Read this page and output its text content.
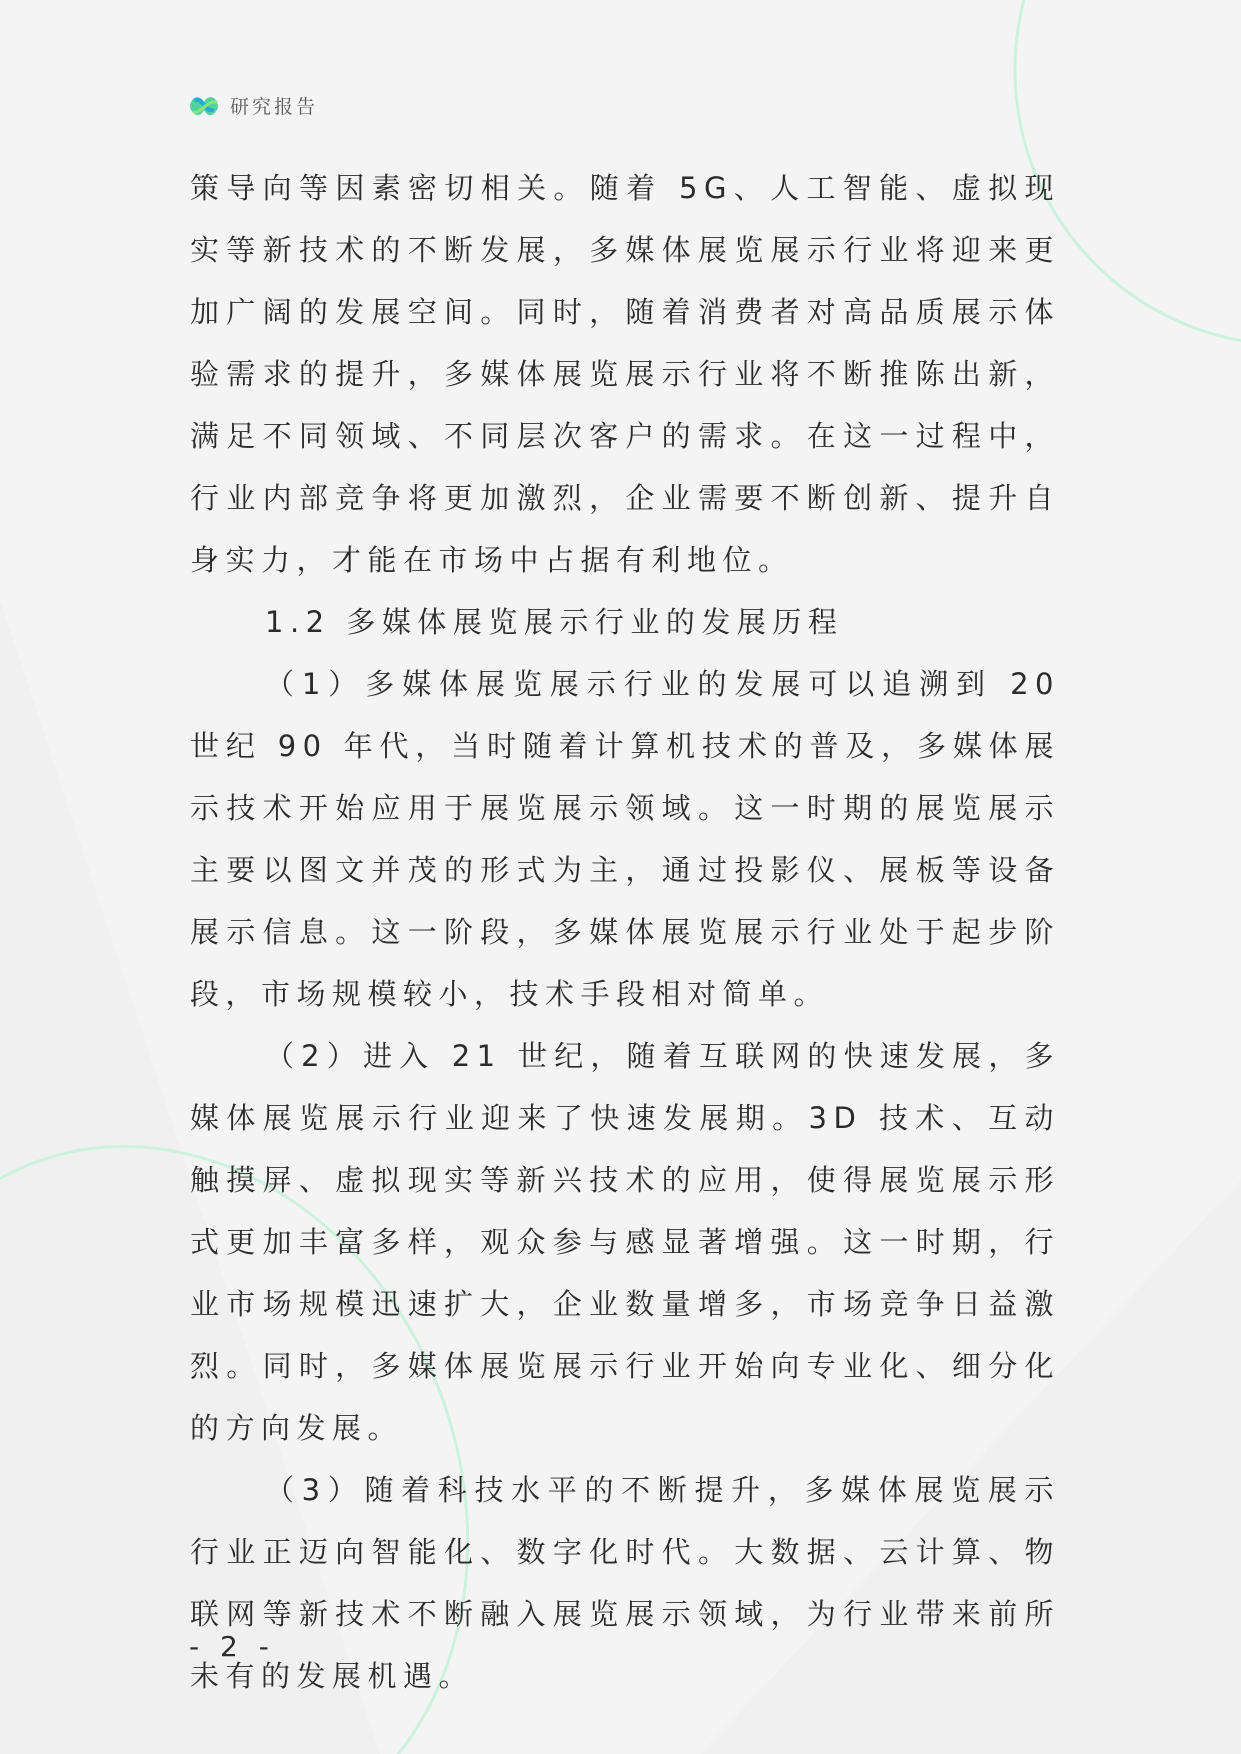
研究报告

策导向等因素密切相关。随着 5G、人工智能、虚拟现实等新技术的不断发展，多媒体展览展示行业将迎来更加广阔的发展空间。同时，随着消费者对高品质展示体验需求的提升，多媒体展览展示行业将不断推陈出新，满足不同领域、不同层次客户的需求。在这一过程中，行业内部竞争将更加激烈，企业需要不断创新、提升自身实力，才能在市场中占据有利地位。

1.2 多媒体展览展示行业的发展历程

（1）多媒体展览展示行业的发展可以追溯到 20 世纪 90 年代，当时随着计算机技术的普及，多媒体展示技术开始应用于展览展示领域。这一时期的展览展示主要以图文并茂的形式为主，通过投影仪、展板等设备展示信息。这一阶段，多媒体展览展示行业处于起步阶段，市场规模较小，技术手段相对简单。

（2）进入 21 世纪，随着互联网的快速发展，多媒体展览展示行业迎来了快速发展期。3D 技术、互动触摸屏、虚拟现实等新兴技术的应用，使得展览展示形式更加丰富多样，观众参与感显著增强。这一时期，行业市场规模迅速扩大，企业数量增多，市场竞争日益激烈。同时，多媒体展览展示行业开始向专业化、细分化的方向发展。

（3）随着科技水平的不断提升，多媒体展览展示行业正迈向智能化、数字化时代。大数据、云计算、物联网等新技术不断融入展览展示领域，为行业带来前所未有的发展机遇。

- 2 -
